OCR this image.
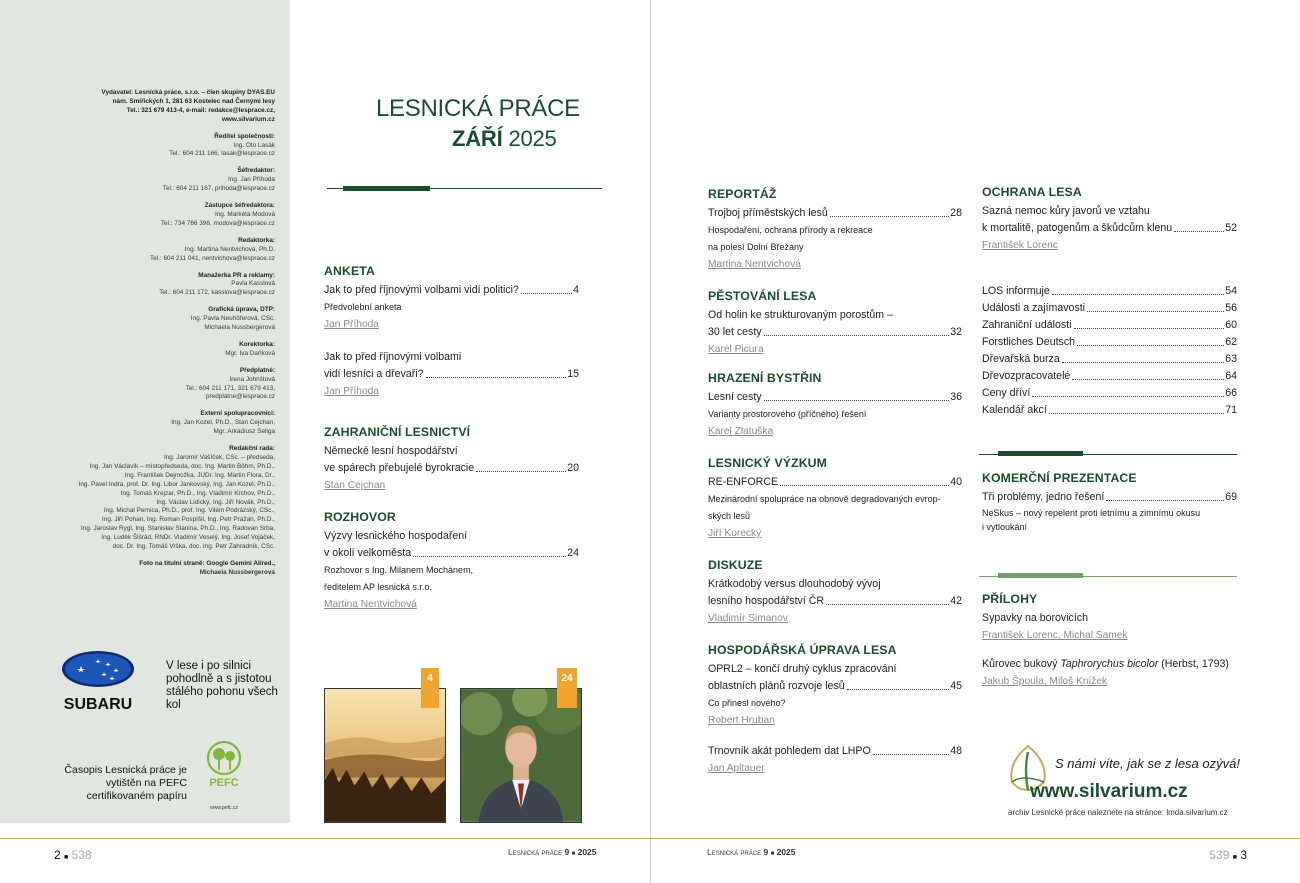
Vydavatel: Lesnická práce, s.r.o. – člen skupiny DYAS.EU
nám. Smiřických 1, 281 63 Kostelec nad Černými lesy
Tel.: 321 679 413-4, e-mail: redakce@lesprace.cz,
www.silvarium.cz
Ředitel společnosti:
Ing. Oto Lasák
Tel.: 604 211 166, lasak@lesprace.cz
Šéfredaktor:
Ing. Jan Příhoda
Tel.: 604 211 167, prihoda@lesprace.cz
Zástupce šéfredaktora:
Ing. Markéta Modová
Tel.: 734 766 396, modova@lesprace.cz
Redaktorka:
Ing. Martina Nentvichová, Ph.D.
Tel.: 604 211 041, nentvichova@lesprace.cz
Manažerka PR a reklamy:
Pavla Kasslová
Tel.: 604 211 172, kasslova@lesprace.cz
Grafická úprava, DTP:
Ing. Pavla Neuhöferová, CSc.
Michaela Nussbergerová
Korektorka:
Mgr. Iva Daňková
Předplatné:
Irena Johnštová
Tel.: 604 211 171, 321 679 413,
predplatne@lesprace.cz
Externí spolupracovníci:
Ing. Jan Kozel, Ph.D., Stan Cejchan,
Mgr. Arkadiusz Seliga
Redakční rada:
Ing. Jaromír Vašíček, CSc. – předseda,
Ing. Jan Václavík – místopředseda, doc. Ing. Martin Böhm, Ph.D.,
Ing. František Dejmožka, JUDr. Ing. Martin Flora, Dr.,
Ing. Pavel Indra, prof. Dr. Ing. Libor Jankovský, Ing. Jan Kozel, Ph.D.,
Ing. Tomáš Krejzar, Ph.D., Ing. Vladimír Krchov, Ph.D.,
Ing. Václav Lidický, Ing. Jiří Novák, Ph.D.,
Ing. Michal Pernica, Ph.D., prof. Ing. Vilém Podrázský, CSc.,
Ing. Jiří Pohan, Ing. Roman Pospíšil, Ing. Petr Pražan, Ph.D.,
Ing. Jaroslav Rygl, Ing. Stanislav Slanina, Ph.D., Ing. Radovan Srba,
Ing. Luděk Šišrád, RNDr. Vladimír Veselý, Ing. Josef Vojáček,
doc. Dr. Ing. Tomáš Vrška, doc. Ing. Petr Zahradník, CSc.
Foto na titulní straně: Google Gemini AI/red.,
Michaela Nussbergerová
SUBARU
V lese i po silnici pohodlně a s jistotou stálého pohonu všech kol
Časopis Lesnická práce je vytištěn na PEFC certifikovaném papíru
PEFC
www.pefc.cz
LESNICKÁ PRÁCE
ZÁŘÍ 2025
ANKETA
Jak to před říjnovými volbami vidí politici?	4
Předvolební anketa
Jan Příhoda
Jak to před říjnovými volbami
vidí lesníci a dřevaři?	15
Jan Příhoda
ZAHRANIČNÍ LESNICTVÍ
Německé lesní hospodářství
ve spárech přebujelé byrokracie	20
Stan Cejchan
ROZHOVOR
Výzvy lesnického hospodaření
v okolí velkoměsta	24
Rozhovor s Ing. Milanem Mochánem,
ředitelem AP lesnická s.r.o.
Martina Nentvichová
4	24
REPORTÁŽ
Trojboj příměstských lesů	28
Hospodaření, ochrana přírody a rekreace
na polesí Dolní Břežany
Martina Nentvichová
PĚSTOVÁNÍ LESA
Od holin ke strukturovaným porostům –
30 let cesty	32
Karel Picura
HRAZENÍ BYSTŘIN
Lesní cesty	36
Varianty prostorového (příčného) řešení
Karel Zlatuška
LESNICKÝ VÝZKUM
RE-ENFORCE	40
Mezinárodní spolupráce na obnově degradovaných evrop-
ských lesů
Jiří Korecký
DISKUZE
Krátkodobý versus dlouhodobý vývoj
lesního hospodářství ČR	42
Vladimír Simanov
HOSPODÁŘSKÁ ÚPRAVA LESA
OPRL2 – končí druhý cyklus zpracování
oblastních plánů rozvoje lesů	45
Co přinesl nového?
Robert Hruban
Trnovník akát pohledem dat LHPO	48
Jan Apltauer
OCHRANA LESA
Sazná nemoc kůry javorů ve vztahu
k mortalitě, patogenům a škůdcům klenu	52
František Lorenc
LOS informuje	54
Události a zajímavosti	56
Zahraniční události	60
Forstliches Deutsch	62
Dřevařská burza	63
Dřevozpracovatelé	64
Ceny dříví	66
Kalendář akcí	71
KOMERČNÍ PREZENTACE
Tři problémy, jedno řešení	69
NeSkus – nový repelent proti letnímu a zimnímu okusu
i vytloukání
PŘÍLOHY
Sypavky na borovicích
František Lorenc, Michal Samek
Kůrovec bukový Taphrorychus bicolor (Herbst, 1793)
Jakub Špoula, Miloš Knížek
S námi víte, jak se z lesa ozývá!
www.silvarium.cz
archiv Lesnické práce naleznete na stránce: lmda.silvarium.cz
2 ■ 538	Lesnická práce 9 ■ 2025	Lesnická práce 9 ■ 2025	539 ■ 3
